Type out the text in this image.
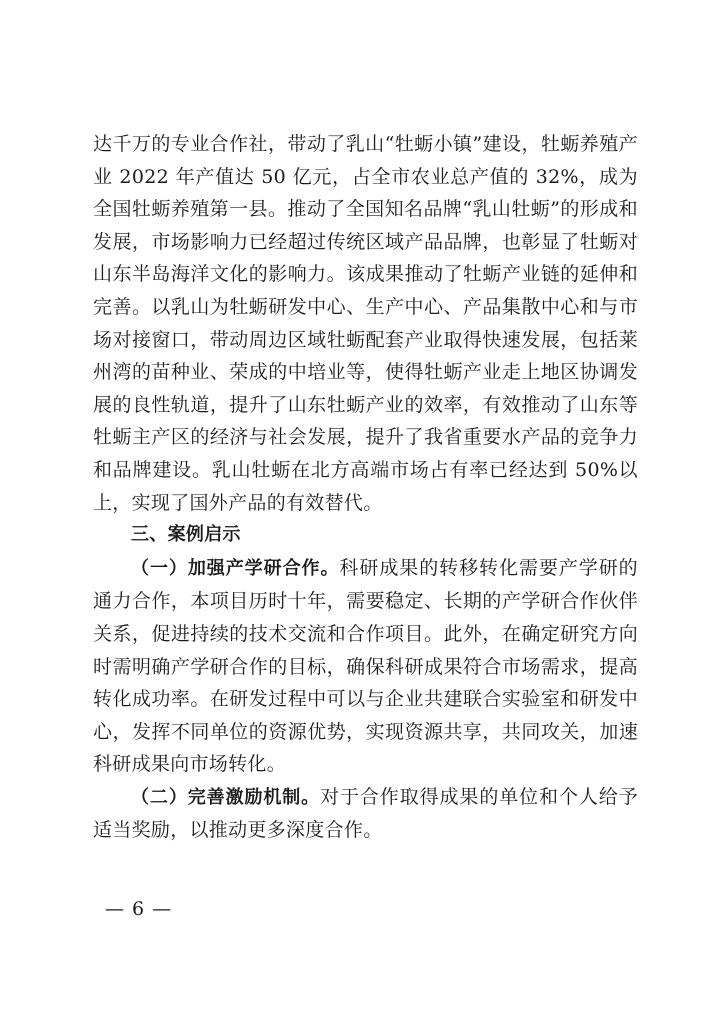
达千万的专业合作社，带动了乳山“牡蛎小镇”建设，牡蛎养殖产业 2022 年产值达 50 亿元，占全市农业总产值的 32%，成为全国牡蛎养殖第一县。推动了全国知名品牌“乳山牡蛎”的形成和发展，市场影响力已经超过传统区域产品品牌，也彰显了牡蛎对山东半岛海洋文化的影响力。该成果推动了牡蛎产业链的延伸和完善。以乳山为牡蛎研发中心、生产中心、产品集散中心和与市场对接窗口，带动周边区域牡蛎配套产业取得快速发展，包括莱州湾的苗种业、荣成的中培业等，使得牡蛎产业走上地区协调发展的良性轨道，提升了山东牡蛎产业的效率，有效推动了山东等牡蛎主产区的经济与社会发展，提升了我省重要水产品的竞争力和品牌建设。乳山牡蛎在北方高端市场占有率已经达到 50%以上，实现了国外产品的有效替代。

三、案例启示

（一）加强产学研合作。科研成果的转移转化需要产学研的通力合作，本项目历时十年，需要稳定、长期的产学研合作伙伴关系，促进持续的技术交流和合作项目。此外，在确定研究方向时需明确产学研合作的目标，确保科研成果符合市场需求，提高转化成功率。在研发过程中可以与企业共建联合实验室和研发中心，发挥不同单位的资源优势，实现资源共享，共同攻关，加速科研成果向市场转化。

（二）完善激励机制。对于合作取得成果的单位和个人给予适当奖励，以推动更多深度合作。

— 6 —
